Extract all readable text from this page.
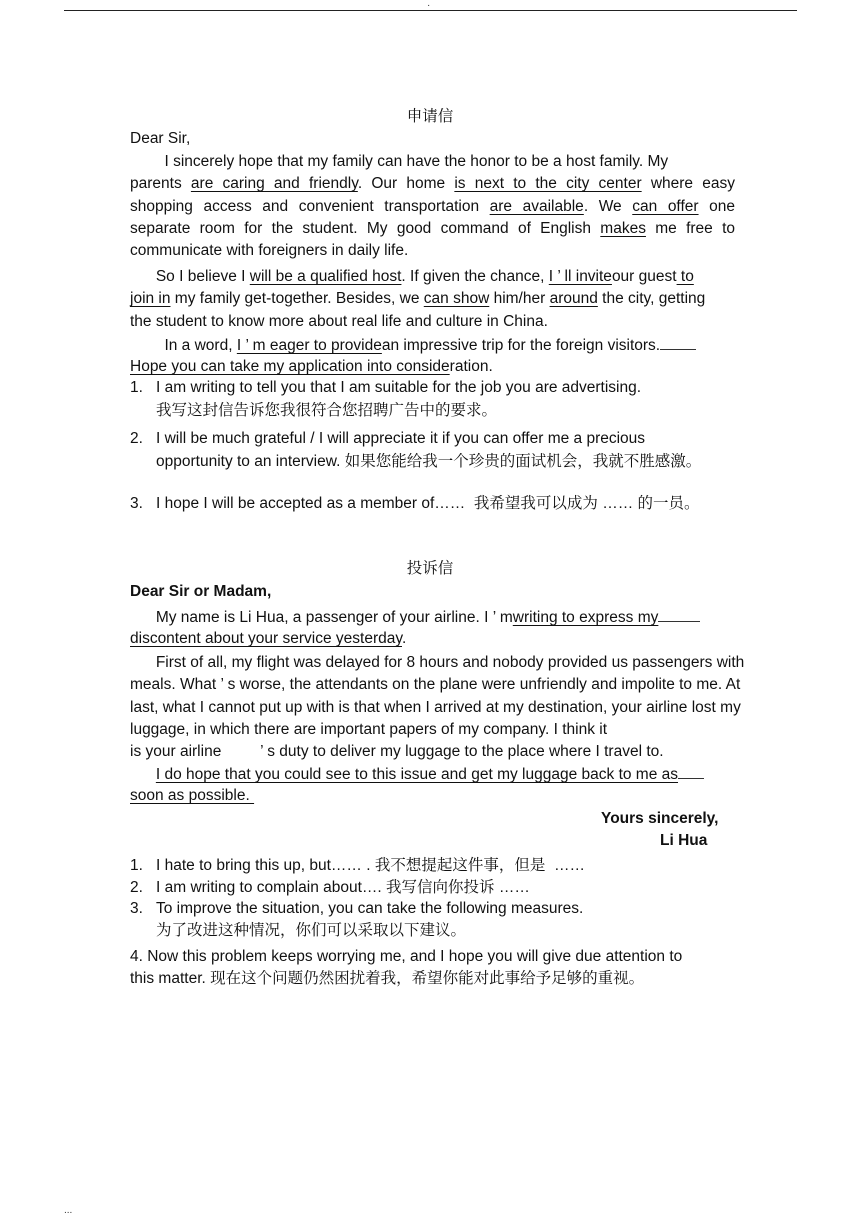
·
申请信
Dear Sir,
I sincerely hope that my family can have the honor to be a host family. My
parents are caring and friendly. Our home is next to the city center where easy
shopping access and convenient transportation are available. We can offer one
separate room for the student. My good command of English makes me free to
communicate with foreigners in daily life.
So I believe I will be a qualified host. If given the chance, I ’ ll inviteour guest to
join in my family get-together. Besides, we can show him/her around the city, getting
the student to know more about real life and culture in China.
In a word, I ’ m eager to providean impressive trip for the foreign visitors.
Hope you can take my application into consideration.
1. I am writing to tell you that I am suitable for the job you are advertising.
我写这封信告诉您我很符合您招聘广告中的要求。
2. I will be much grateful / I will appreciate it if you can offer me a precious
opportunity to an interview. 如果您能给我一个珍贵的面试机会，我就不胜感激。
3. I hope I will be accepted as a member of……  我希望我可以成为 …… 的一员。
投诉信
Dear Sir or Madam,
My name is Li Hua, a passenger of your airline. I ’ mwriting to express my
discontent about your service yesterday.
First of all, my flight was delayed for 8 hours and nobody provided us passengers with
meals. What ’ s worse, the attendants on the plane were unfriendly and impolite to me. At
last, what I cannot put up with is that when I arrived at my destination, your airline lost my
luggage, in which there are important papers of my company. I think it
is your airline         ’ s duty to deliver my luggage to the place where I travel to.
I do hope that you could see to this issue and get my luggage back to me as
soon as possible.
Yours sincerely,
Li Hua
1. I hate to bring this up, but…… . 我不想提起这件事，但是  ……
2. I am writing to complain about…. 我写信向你投诉 ……
3. To improve the situation, you can take the following measures.
为了改进这种情况，你们可以采取以下建议。
4. Now this problem keeps worrying me, and I hope you will give due attention to
this matter. 现在这个问题仍然困扰着我，希望你能对此事给予足够的重视。
...
